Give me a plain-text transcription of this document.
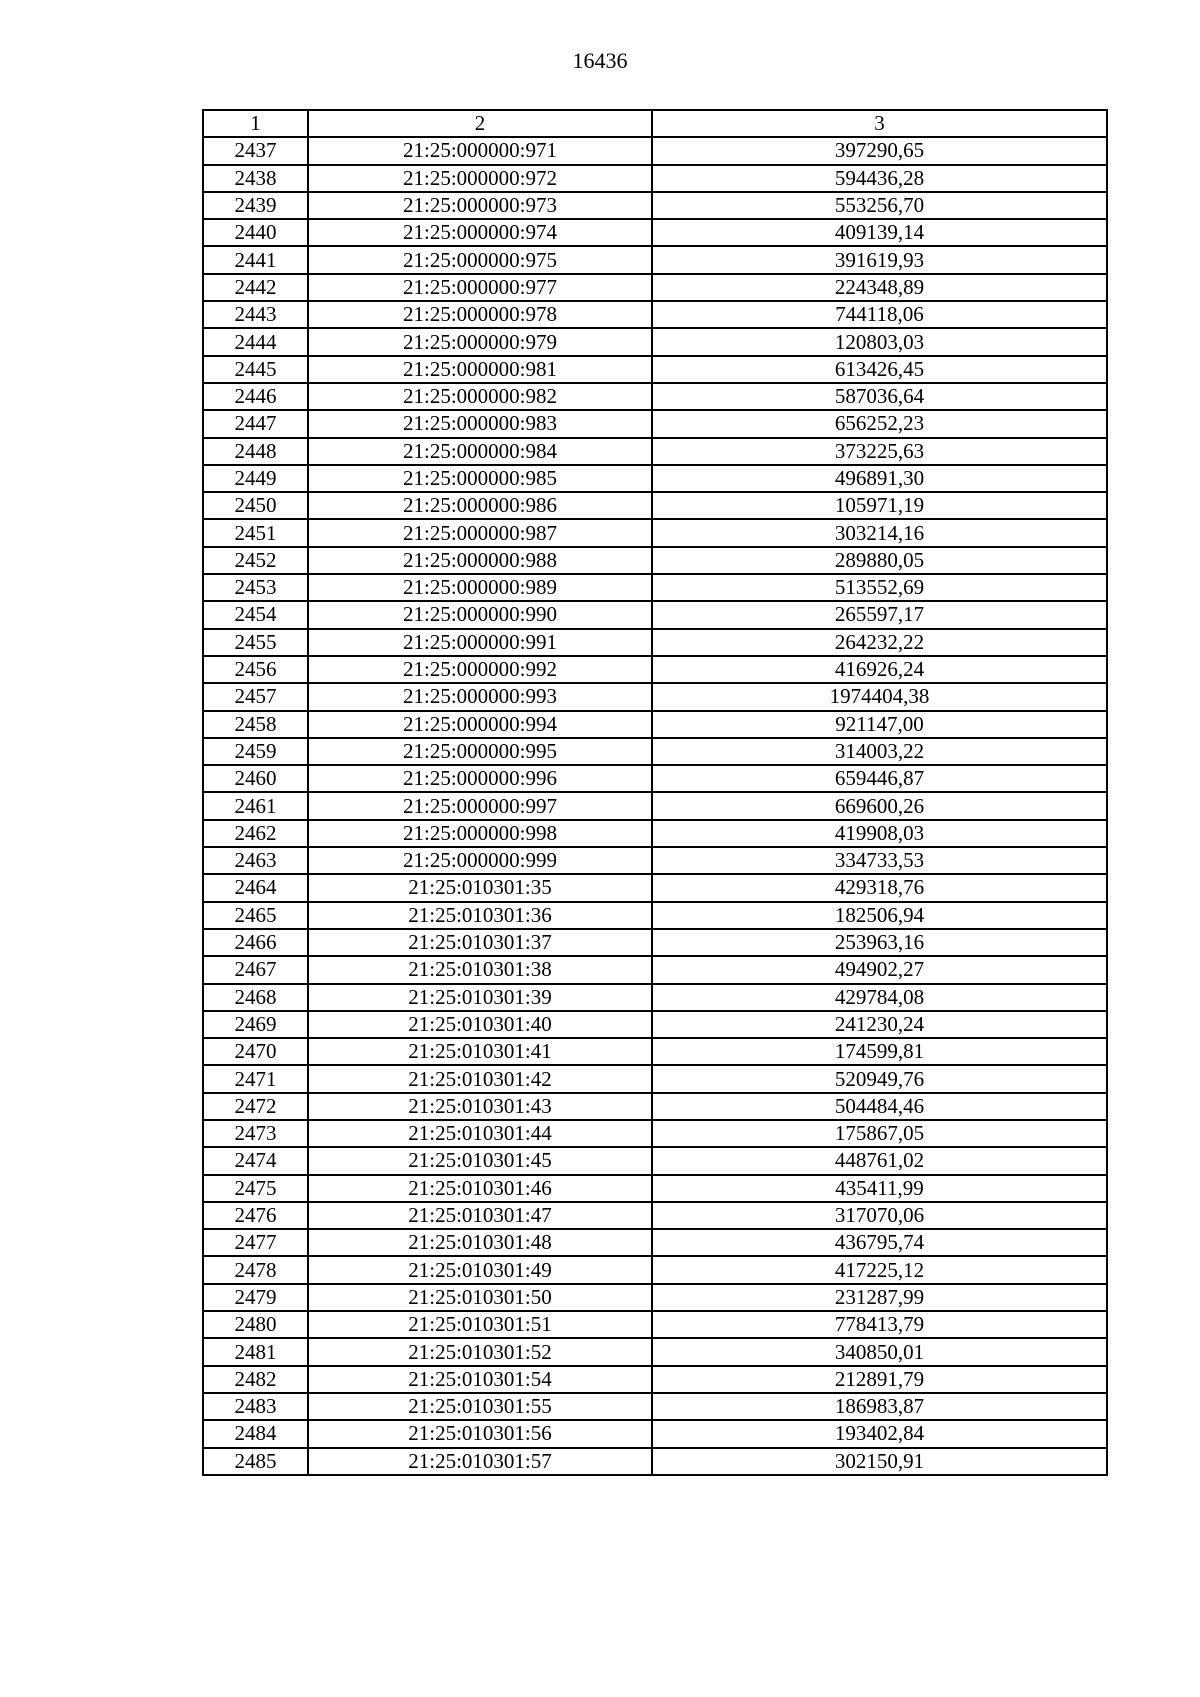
16436
1	2	3
2437	21:25:000000:971	397290,65
2438	21:25:000000:972	594436,28
2439	21:25:000000:973	553256,70
2440	21:25:000000:974	409139,14
2441	21:25:000000:975	391619,93
2442	21:25:000000:977	224348,89
2443	21:25:000000:978	744118,06
2444	21:25:000000:979	120803,03
2445	21:25:000000:981	613426,45
2446	21:25:000000:982	587036,64
2447	21:25:000000:983	656252,23
2448	21:25:000000:984	373225,63
2449	21:25:000000:985	496891,30
2450	21:25:000000:986	105971,19
2451	21:25:000000:987	303214,16
2452	21:25:000000:988	289880,05
2453	21:25:000000:989	513552,69
2454	21:25:000000:990	265597,17
2455	21:25:000000:991	264232,22
2456	21:25:000000:992	416926,24
2457	21:25:000000:993	1974404,38
2458	21:25:000000:994	921147,00
2459	21:25:000000:995	314003,22
2460	21:25:000000:996	659446,87
2461	21:25:000000:997	669600,26
2462	21:25:000000:998	419908,03
2463	21:25:000000:999	334733,53
2464	21:25:010301:35	429318,76
2465	21:25:010301:36	182506,94
2466	21:25:010301:37	253963,16
2467	21:25:010301:38	494902,27
2468	21:25:010301:39	429784,08
2469	21:25:010301:40	241230,24
2470	21:25:010301:41	174599,81
2471	21:25:010301:42	520949,76
2472	21:25:010301:43	504484,46
2473	21:25:010301:44	175867,05
2474	21:25:010301:45	448761,02
2475	21:25:010301:46	435411,99
2476	21:25:010301:47	317070,06
2477	21:25:010301:48	436795,74
2478	21:25:010301:49	417225,12
2479	21:25:010301:50	231287,99
2480	21:25:010301:51	778413,79
2481	21:25:010301:52	340850,01
2482	21:25:010301:54	212891,79
2483	21:25:010301:55	186983,87
2484	21:25:010301:56	193402,84
2485	21:25:010301:57	302150,91
